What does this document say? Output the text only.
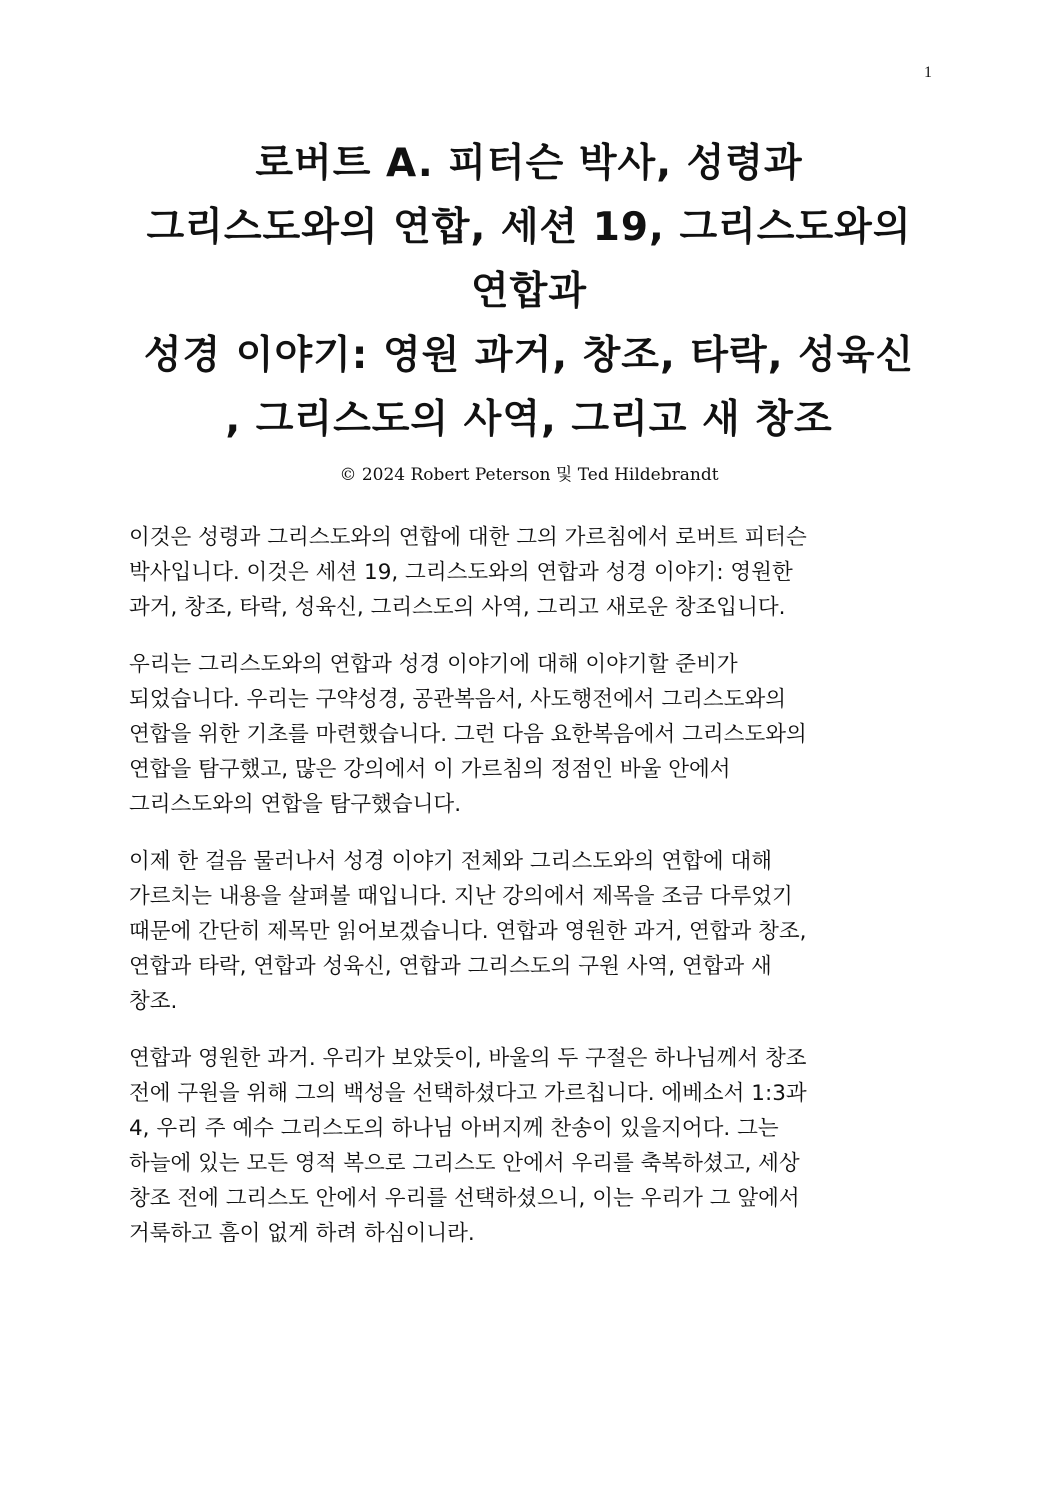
1
로버트 A. 피터슨 박사, 성령과
그리스도와의 연합, 세션 19, 그리스도와의
연합과
성경 이야기: 영원 과거, 창조, 타락, 성육신
, 그리스도의 사역, 그리고 새 창조
© 2024 Robert Peterson 및 Ted Hildebrandt
이것은 성령과 그리스도와의 연합에 대한 그의 가르침에서 로버트 피터슨
박사입니다. 이것은 세션 19, 그리스도와의 연합과 성경 이야기: 영원한
과거, 창조, 타락, 성육신, 그리스도의 사역, 그리고 새로운 창조입니다.
우리는 그리스도와의 연합과 성경 이야기에 대해 이야기할 준비가
되었습니다. 우리는 구약성경, 공관복음서, 사도행전에서 그리스도와의
연합을 위한 기초를 마련했습니다. 그런 다음 요한복음에서 그리스도와의
연합을 탐구했고, 많은 강의에서 이 가르침의 정점인 바울 안에서
그리스도와의 연합을 탐구했습니다.
이제 한 걸음 물러나서 성경 이야기 전체와 그리스도와의 연합에 대해
가르치는 내용을 살펴볼 때입니다. 지난 강의에서 제목을 조금 다루었기
때문에 간단히 제목만 읽어보겠습니다. 연합과 영원한 과거, 연합과 창조,
연합과 타락, 연합과 성육신, 연합과 그리스도의 구원 사역, 연합과 새
창조.
연합과 영원한 과거. 우리가 보았듯이, 바울의 두 구절은 하나님께서 창조
전에 구원을 위해 그의 백성을 선택하셨다고 가르칩니다. 에베소서 1:3과
4, 우리 주 예수 그리스도의 하나님 아버지께 찬송이 있을지어다. 그는
하늘에 있는 모든 영적 복으로 그리스도 안에서 우리를 축복하셨고, 세상
창조 전에 그리스도 안에서 우리를 선택하셨으니, 이는 우리가 그 앞에서
거룩하고 흠이 없게 하려 하심이니라.
